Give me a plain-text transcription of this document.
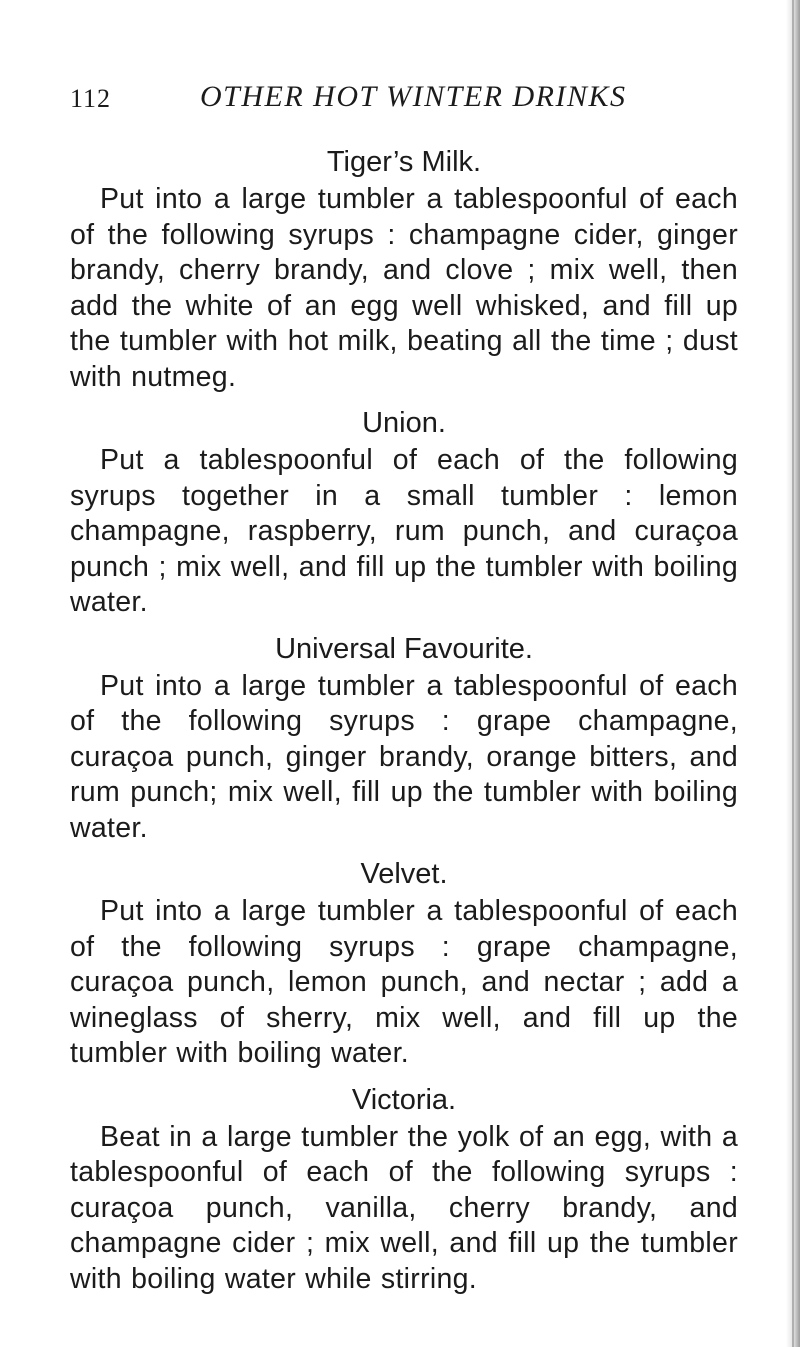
112	OTHER HOT WINTER DRINKS
Tiger’s Milk.

Put into a large tumbler a tablespoonful of each of the following syrups : champagne cider, ginger brandy, cherry brandy, and clove ; mix well, then add the white of an egg well whisked, and fill up the tumbler with hot milk, beating all the time ; dust with nutmeg.

Union.

Put a tablespoonful of each of the following syrups together in a small tumbler : lemon champagne, raspberry, rum punch, and curaçoa punch ; mix well, and fill up the tumbler with boiling water.

Universal Favourite.

Put into a large tumbler a tablespoonful of each of the following syrups : grape champagne, curaçoa punch, ginger brandy, orange bitters, and rum punch; mix well, fill up the tumbler with boiling water.

Velvet.

Put into a large tumbler a tablespoonful of each of the following syrups : grape champagne, curaçoa punch, lemon punch, and nectar ; add a wineglass of sherry, mix well, and fill up the tumbler with boiling water.

Victoria.

Beat in a large tumbler the yolk of an egg, with a tablespoonful of each of the following syrups : curaçoa punch, vanilla, cherry brandy, and champagne cider ; mix well, and fill up the tumbler with boiling water while stirring.
